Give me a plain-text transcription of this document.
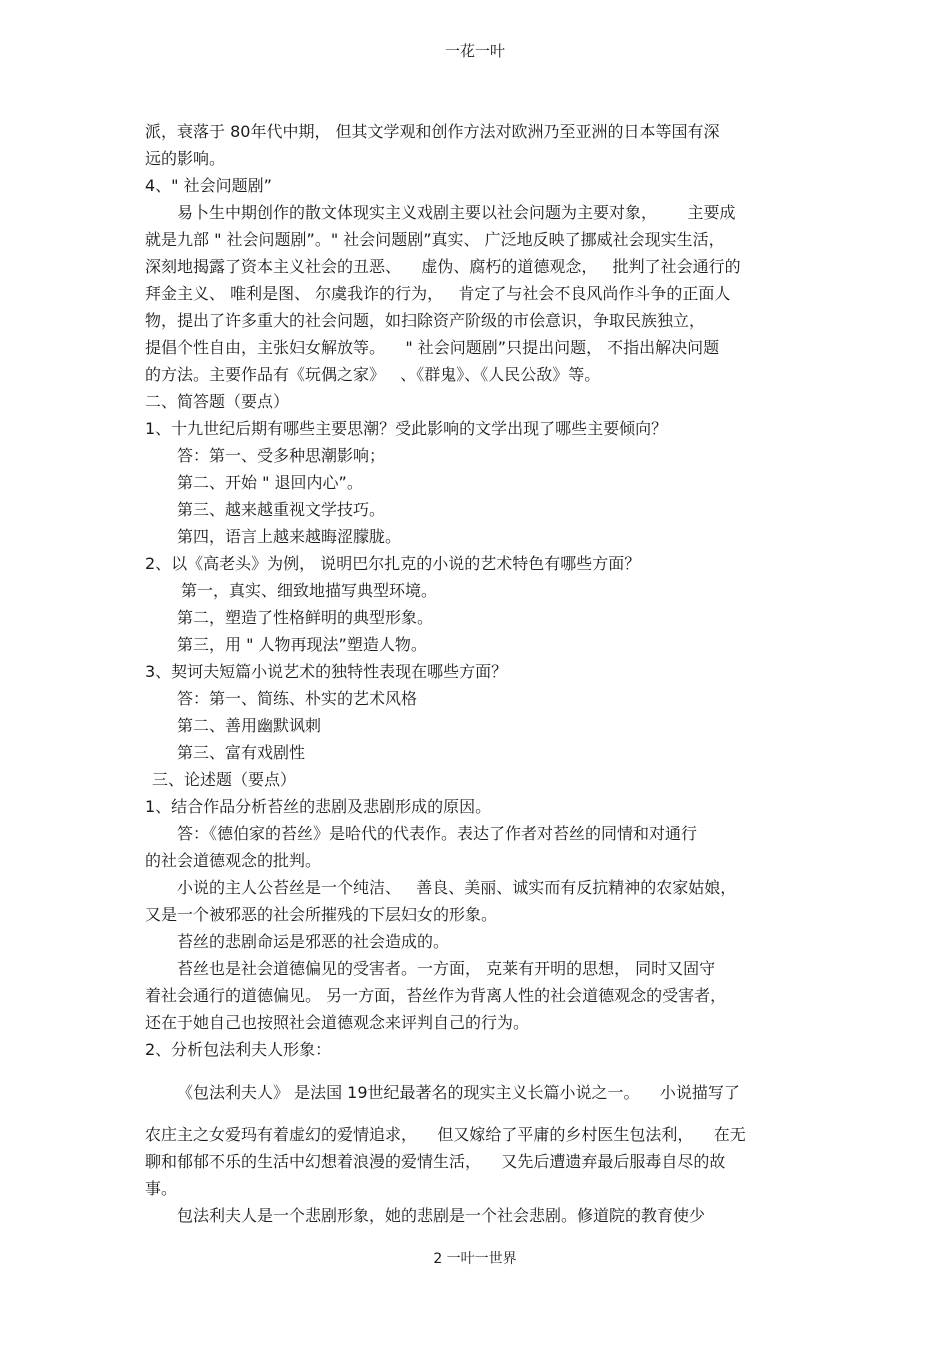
一花一叶
派，衰落于 80年代中期， 但其文学观和创作方法对欧洲乃至亚洲的日本等国有深
远的影响。
4、" 社会问题剧”
易卜生中期创作的散文体现实主义戏剧主要以社会问题为主要对象，      主要成
就是九部 " 社会问题剧”。" 社会问题剧”真实、 广泛地反映了挪威社会现实生活，
深刻地揭露了资本主义社会的丑恶、    虚伪、腐朽的道德观念，   批判了社会通行的
拜金主义、 唯利是图、 尔虞我诈的行为，   肯定了与社会不良风尚作斗争的正面人
物，提出了许多重大的社会问题，如扫除资产阶级的市侩意识，争取民族独立，
提倡个性自由，主张妇女解放等。    " 社会问题剧”只提出问题， 不指出解决问题
的方法。主要作品有《玩偶之家》   、《群鬼》、《人民公敌》等。
二、简答题（要点）
1、十九世纪后期有哪些主要思潮？受此影响的文学出现了哪些主要倾向？
答：第一、受多种思潮影响；
第二、开始 " 退回内心”。
第三、越来越重视文学技巧。
第四，语言上越来越晦涩朦胧。
2、以《高老头》为例， 说明巴尔扎克的小说的艺术特色有哪些方面？
第一，真实、细致地描写典型环境。
第二，塑造了性格鲜明的典型形象。
第三，用 " 人物再现法”塑造人物。
3、契诃夫短篇小说艺术的独特性表现在哪些方面？
答：第一、简练、朴实的艺术风格
第二、善用幽默讽刺
第三、富有戏剧性
三、论述题（要点）
1、结合作品分析苔丝的悲剧及悲剧形成的原因。
答：《德伯家的苔丝》是哈代的代表作。表达了作者对苔丝的同情和对通行
的社会道德观念的批判。
小说的主人公苔丝是一个纯洁、   善良、美丽、诚实而有反抗精神的农家姑娘，
又是一个被邪恶的社会所摧残的下层妇女的形象。
苔丝的悲剧命运是邪恶的社会造成的。
苔丝也是社会道德偏见的受害者。一方面， 克莱有开明的思想， 同时又固守
着社会通行的道德偏见。 另一方面，苔丝作为背离人性的社会道德观念的受害者，
还在于她自己也按照社会道德观念来评判自己的行为。
2、分析包法利夫人形象：
《包法利夫人》 是法国 19世纪最著名的现实主义长篇小说之一。    小说描写了
农庄主之女爱玛有着虚幻的爱情追求，    但又嫁给了平庸的乡村医生包法利，    在无
聊和郁郁不乐的生活中幻想着浪漫的爱情生活，    又先后遭遗弃最后服毒自尽的故
事。
包法利夫人是一个悲剧形象，她的悲剧是一个社会悲剧。修道院的教育使少
2 一叶一世界
